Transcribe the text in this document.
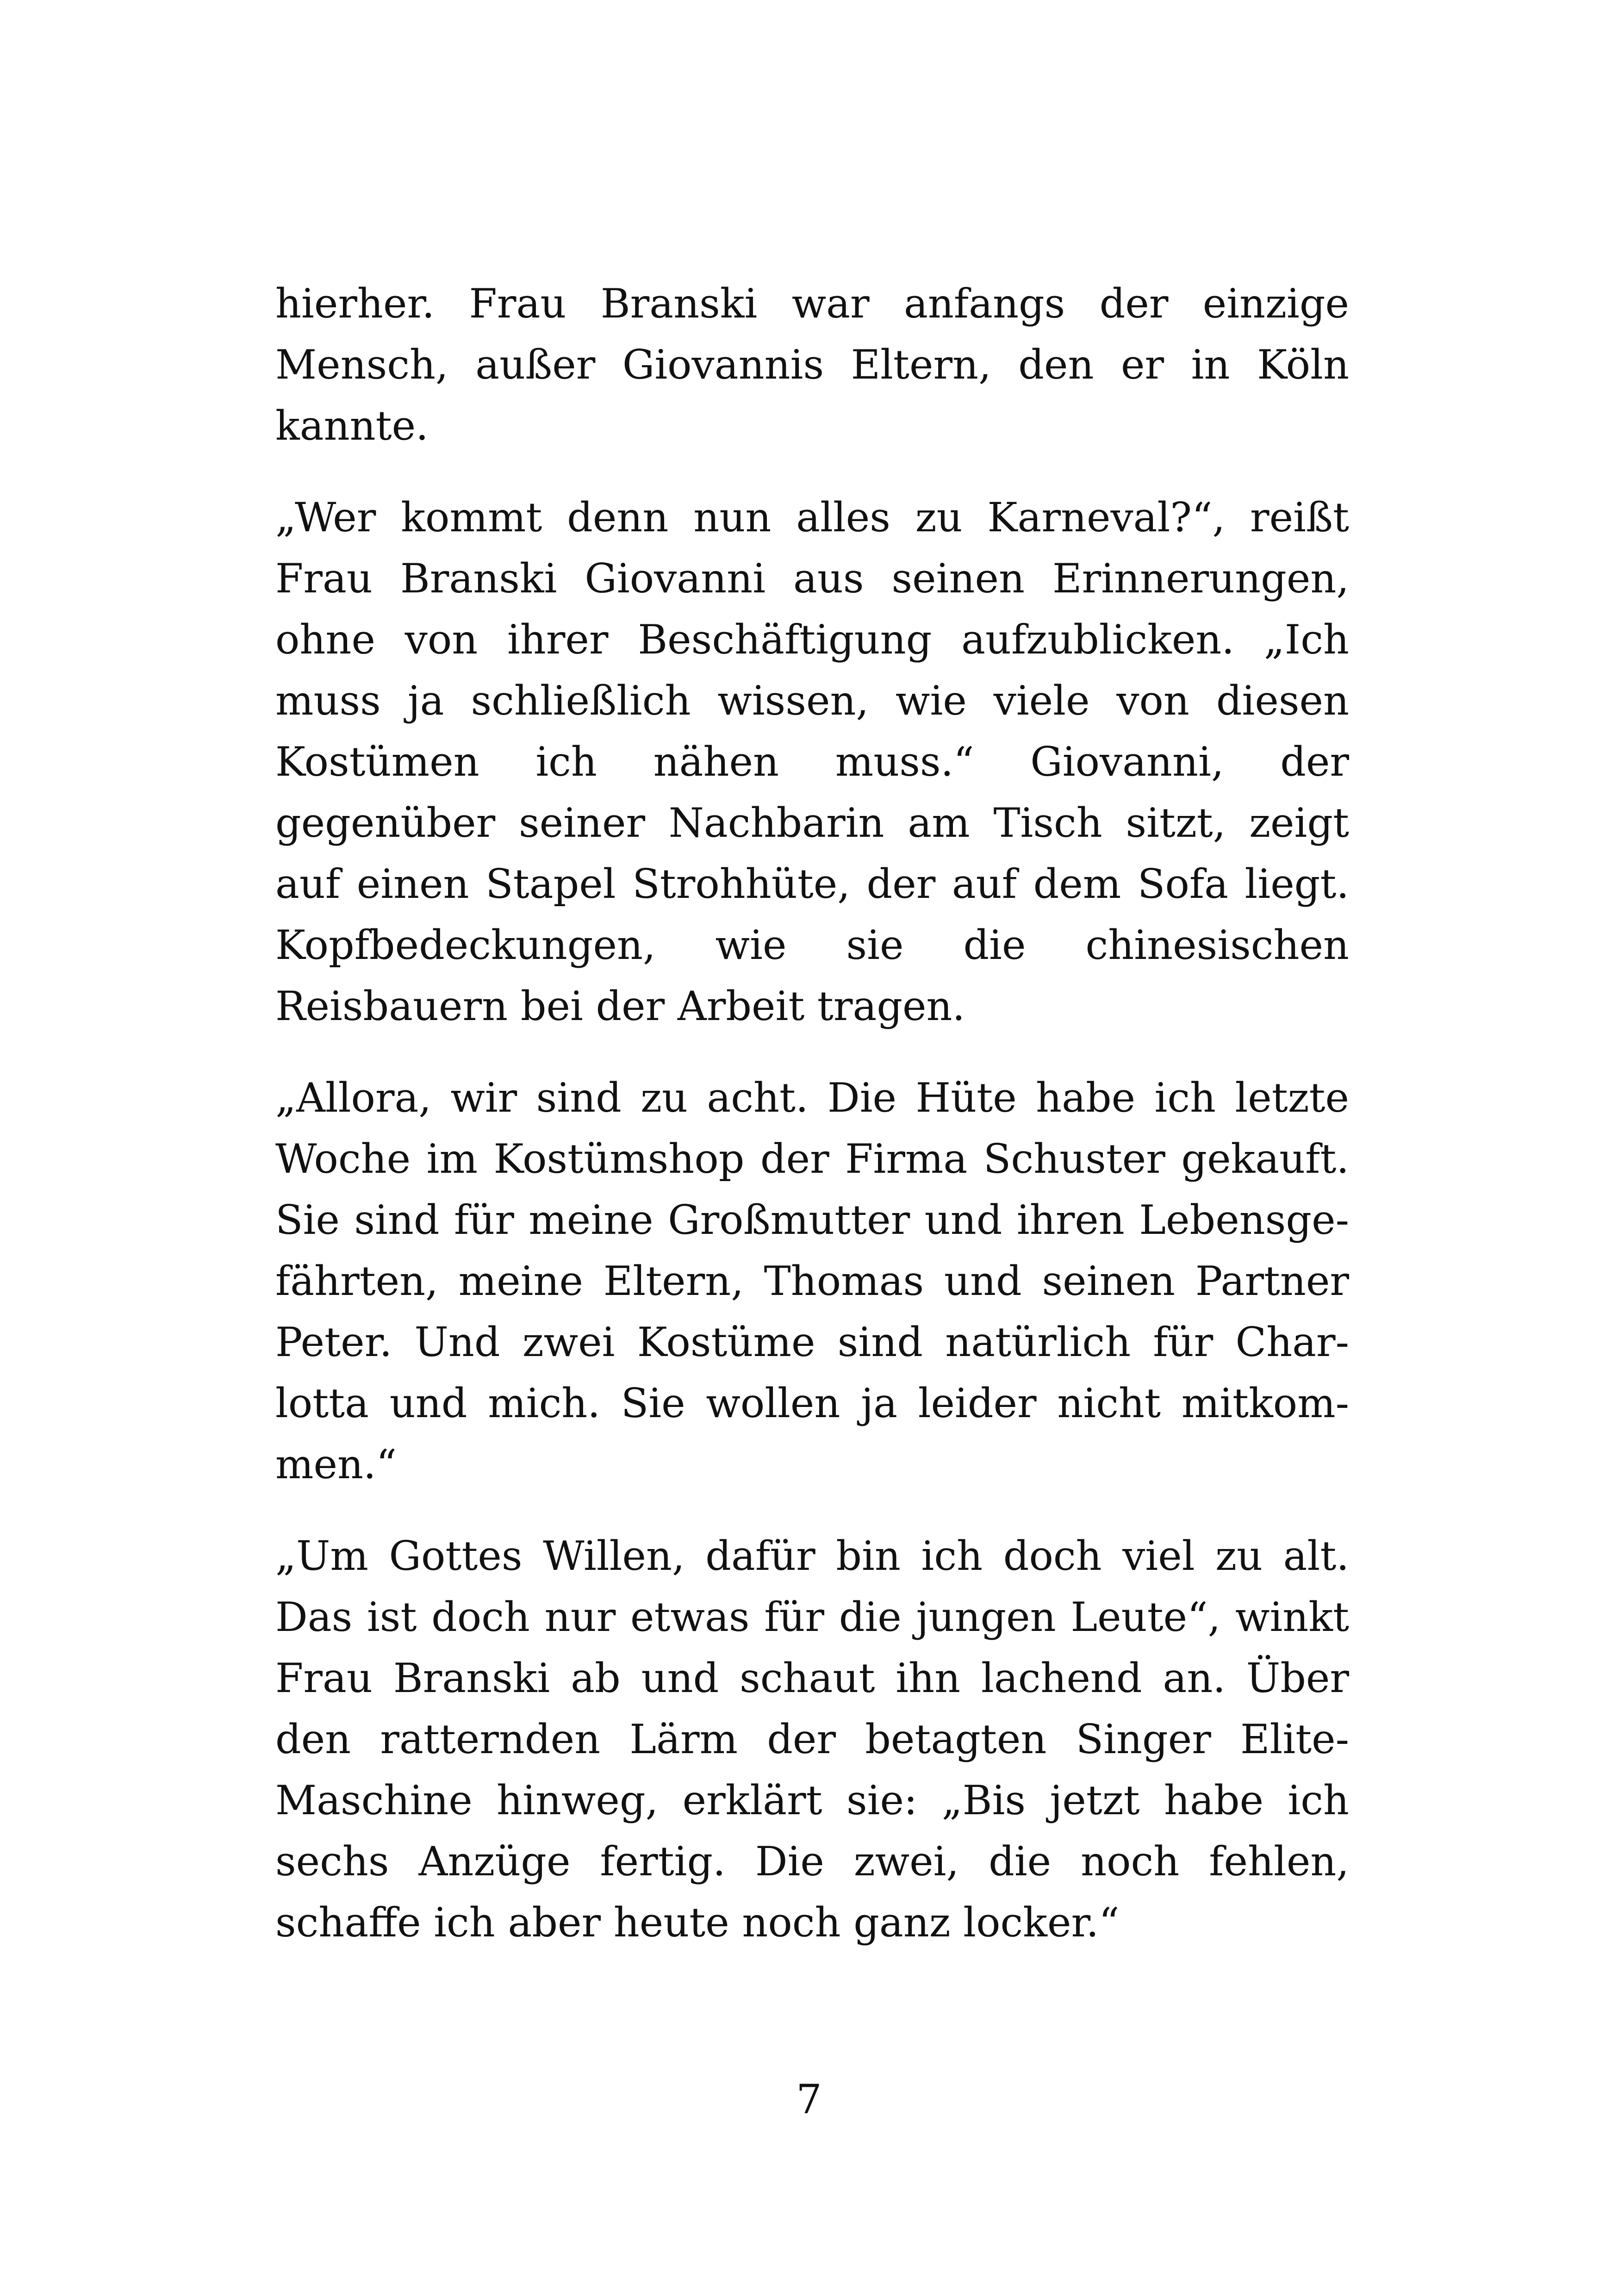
hierher. Frau Branski war anfangs der einzige Mensch, außer Giovannis Eltern, den er in Köln kannte.

„Wer kommt denn nun alles zu Karneval?“, reißt Frau Branski Giovanni aus seinen Erinnerungen, ohne von ihrer Beschäftigung aufzublicken. „Ich muss ja schließlich wissen, wie viele von diesen Kostümen ich nähen muss.“ Giovanni, der gegenüber seiner Nachbarin am Tisch sitzt, zeigt auf einen Stapel Strohhüte, der auf dem Sofa liegt. Kopfbedeckungen, wie sie die chinesischen Reisbauern bei der Arbeit tragen.

„Allora, wir sind zu acht. Die Hüte habe ich letzte Woche im Kostümshop der Firma Schuster gekauft. Sie sind für meine Großmutter und ihren Lebensgefährten, meine Eltern, Thomas und seinen Partner Peter. Und zwei Kostüme sind natürlich für Charlotta und mich. Sie wollen ja leider nicht mitkommen.“

„Um Gottes Willen, dafür bin ich doch viel zu alt. Das ist doch nur etwas für die jungen Leute“, winkt Frau Branski ab und schaut ihn lachend an. Über den ratternden Lärm der betagten Singer Elite-Maschine hinweg, erklärt sie: „Bis jetzt habe ich sechs Anzüge fertig. Die zwei, die noch fehlen, schaffe ich aber heute noch ganz locker.“

7
